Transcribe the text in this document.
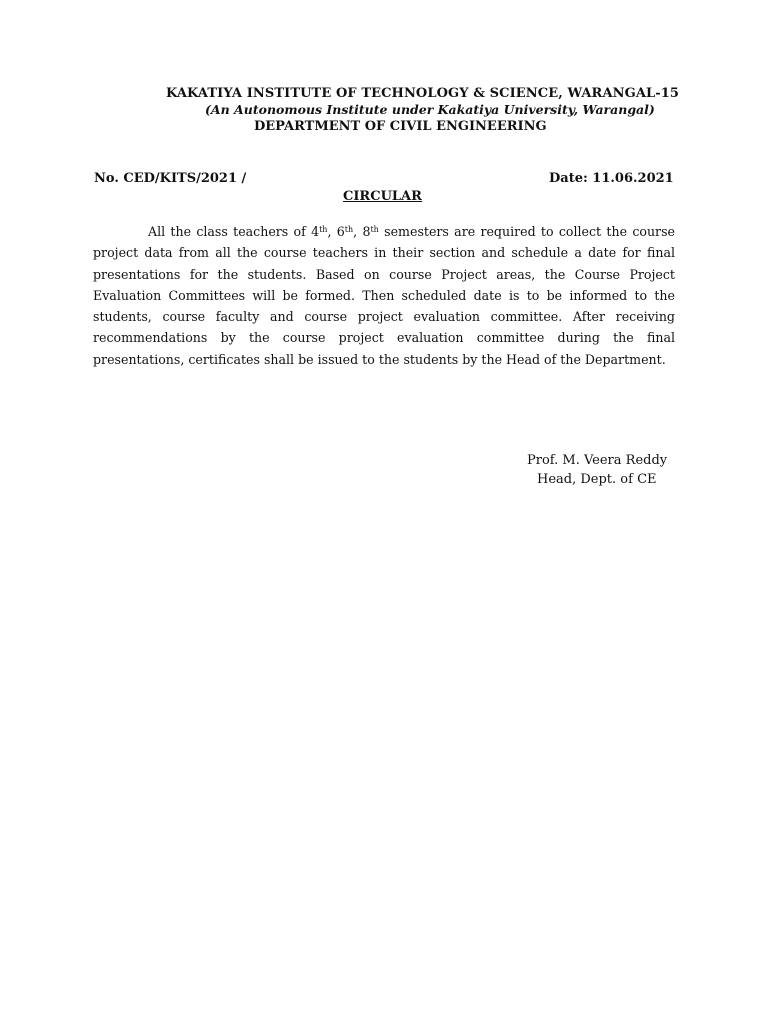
KAKATIYA INSTITUTE OF TECHNOLOGY & SCIENCE, WARANGAL-15
(An Autonomous Institute under Kakatiya University, Warangal)
DEPARTMENT OF CIVIL ENGINEERING
No. CED/KITS/2021 /	Date: 11.06.2021
CIRCULAR

All the class teachers of 4th, 6th, 8th semesters are required to collect the course project data from all the course teachers in their section and schedule a date for final presentations for the students. Based on course Project areas, the Course Project Evaluation Committees will be formed. Then scheduled date is to be informed to the students, course faculty and course project evaluation committee. After receiving recommendations by the course project evaluation committee during the final presentations, certificates shall be issued to the students by the Head of the Department.

Prof. M. Veera Reddy
Head, Dept. of CE
